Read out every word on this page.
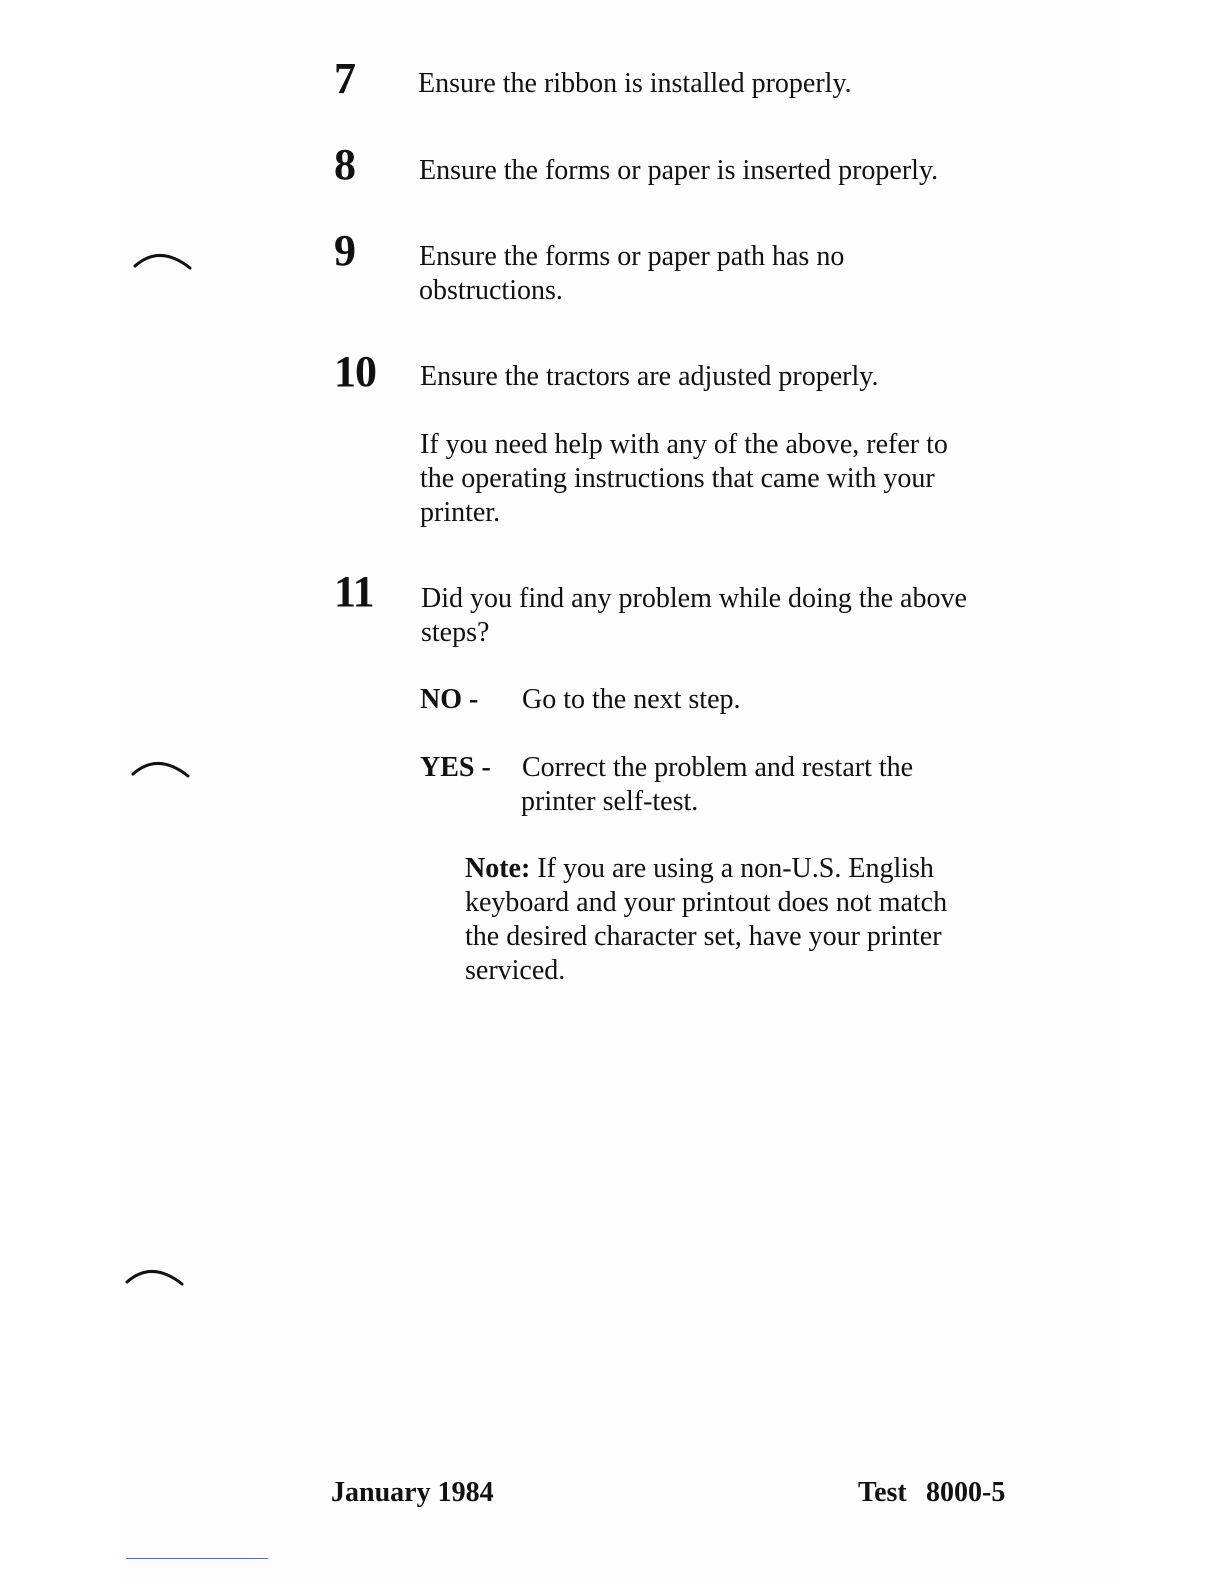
7 Ensure the ribbon is installed properly.
8 Ensure the forms or paper is inserted properly.
9 Ensure the forms or paper path has no
obstructions.
10 Ensure the tractors are adjusted properly.
If you need help with any of the above, refer to
the operating instructions that came with your
printer.
11 Did you find any problem while doing the above
steps?
NO - Go to the next step.
YES - Correct the problem and restart the
printer self-test.
Note: If you are using a non-U.S. English
keyboard and your printout does not match
the desired character set, have your printer
serviced.
January 1984	Test 8000-5
